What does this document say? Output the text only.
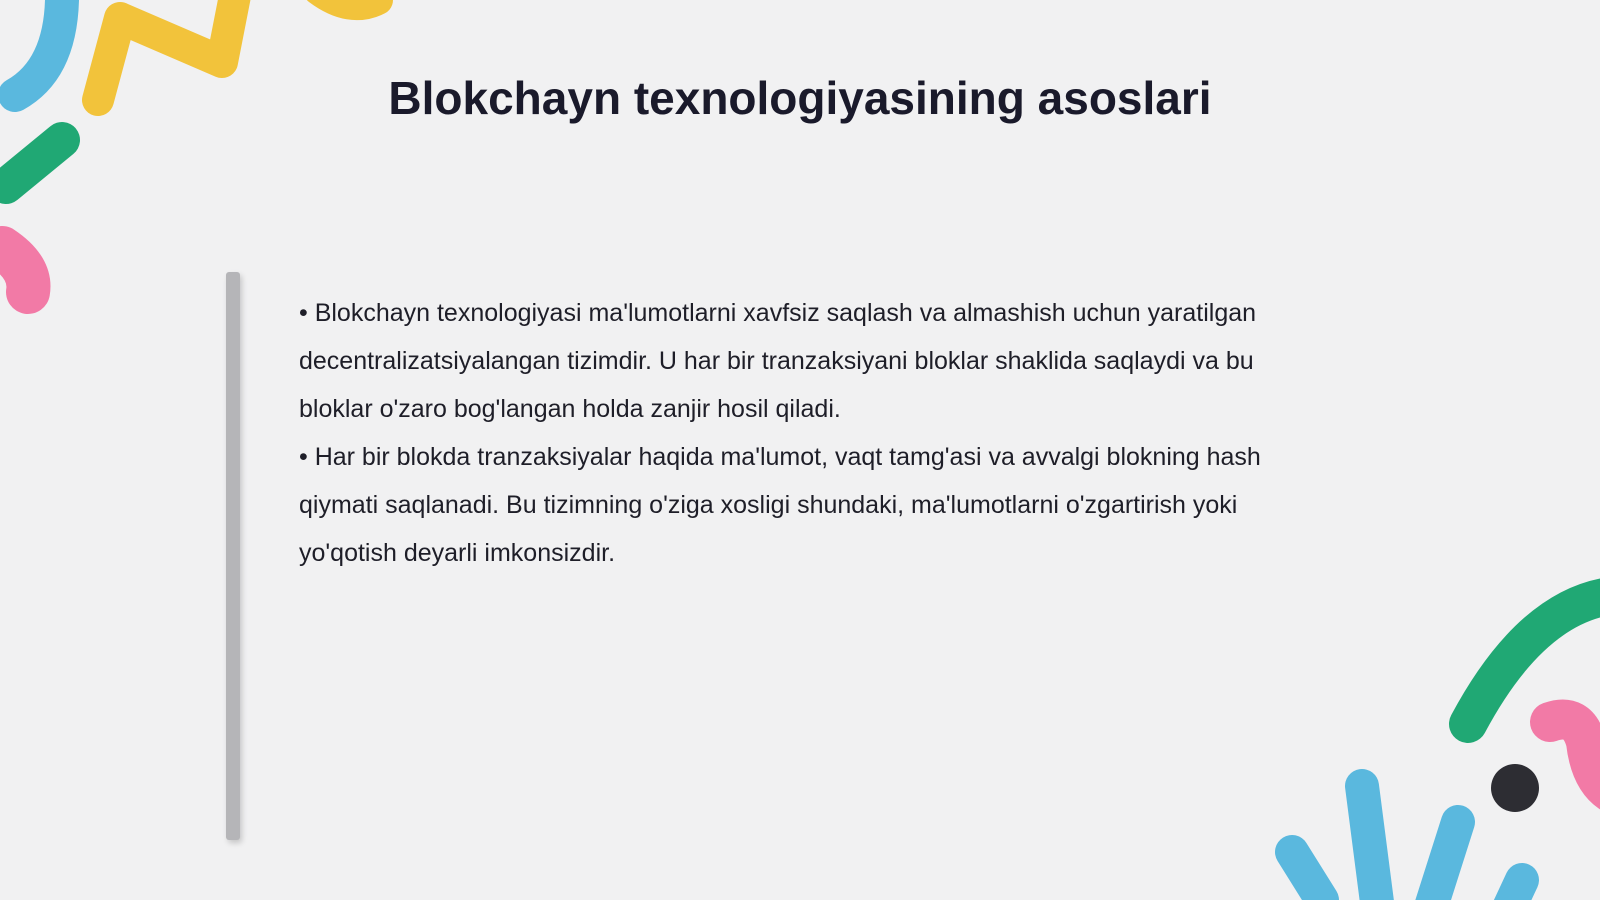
Blokchayn texnologiyasining asoslari

• Blokchayn texnologiyasi ma'lumotlarni xavfsiz saqlash va almashish uchun yaratilgan decentralizatsiyalangan tizimdir. U har bir tranzaksiyani bloklar shaklida saqlaydi va bu bloklar o'zaro bog'langan holda zanjir hosil qiladi.

• Har bir blokda tranzaksiyalar haqida ma'lumot, vaqt tamg'asi va avvalgi blokning hash qiymati saqlanadi. Bu tizimning o'ziga xosligi shundaki, ma'lumotlarni o'zgartirish yoki yo'qotish deyarli imkonsizdir.
